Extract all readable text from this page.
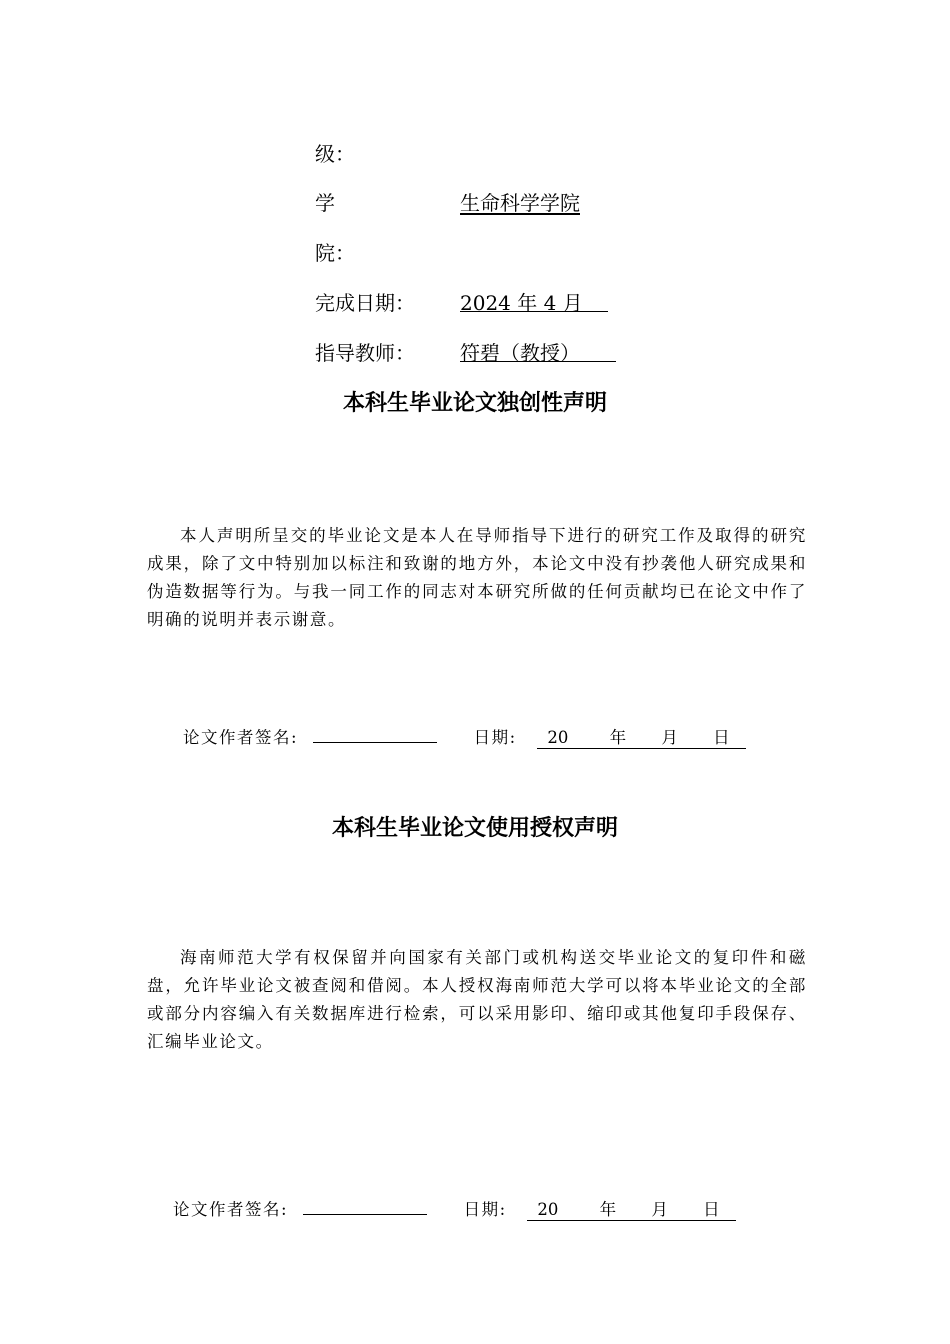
级：
学	生命科学学院
院：
完成日期： 2024 年 4 月
指导教师： 符碧（教授）
本科生毕业论文独创性声明
本人声明所呈交的毕业论文是本人在导师指导下进行的研究工作及取得的研究成果，除了文中特别加以标注和致谢的地方外，本论文中没有抄袭他人研究成果和伪造数据等行为。与我一同工作的同志对本研究所做的任何贡献均已在论文中作了明确的说明并表示谢意。
论文作者签名:	日期: 20	年 月 日
本科生毕业论文使用授权声明
海南师范大学有权保留并向国家有关部门或机构送交毕业论文的复印件和磁盘，允许毕业论文被查阅和借阅。本人授权海南师范大学可以将本毕业论文的全部或部分内容编入有关数据库进行检索，可以采用影印、缩印或其他复印手段保存、汇编毕业论文。
论文作者签名:	日期: 20	年 月 日
